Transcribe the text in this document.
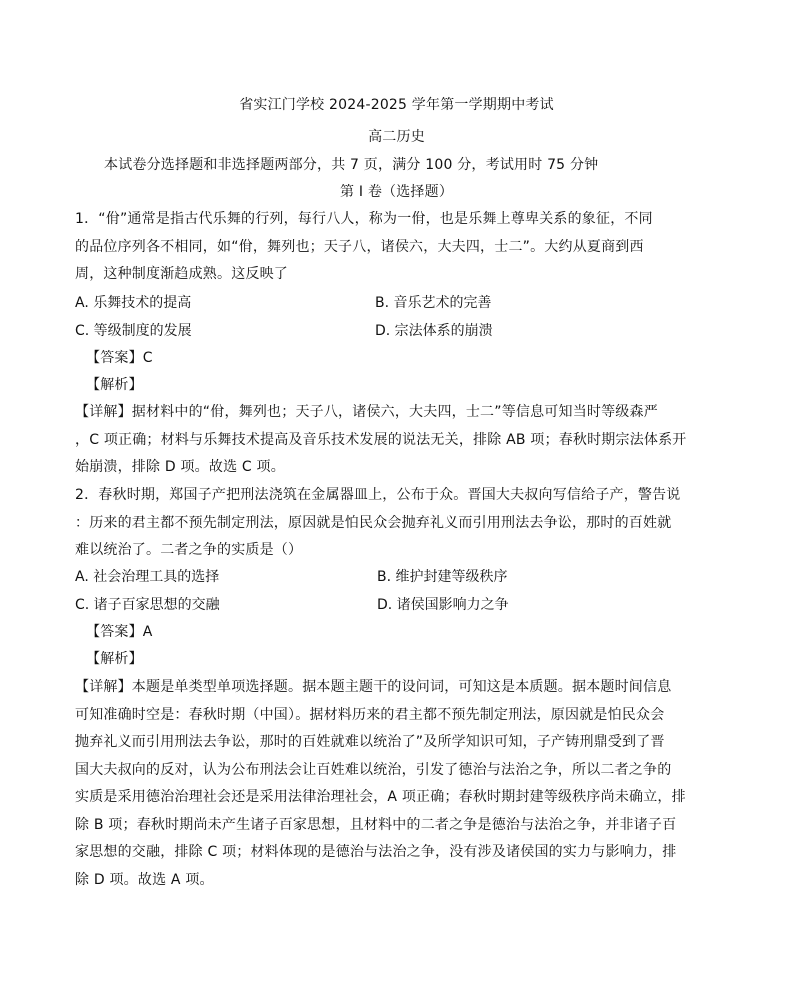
省实江门学校 2024-2025 学年第一学期期中考试
高二历史
本试卷分选择题和非选择题两部分，共 7 页，满分 100 分，考试用时 75 分钟
第 I 卷（选择题）
1．“佾”通常是指古代乐舞的行列，每行八人，称为一佾，也是乐舞上尊卑关系的象征，不同
的品位序列各不相同，如“佾，舞列也；天子八，诸侯六，大夫四，士二”。大约从夏商到西
周，这种制度渐趋成熟。这反映了
A. 乐舞技术的提高	B. 音乐艺术的完善
C. 等级制度的发展	D. 宗法体系的崩溃
【答案】C
【解析】
【详解】据材料中的“佾，舞列也；天子八，诸侯六，大夫四，士二”等信息可知当时等级森严
，C 项正确；材料与乐舞技术提高及音乐技术发展的说法无关，排除 AB 项；春秋时期宗法体系开
始崩溃，排除 D 项。故选 C 项。
2．春秋时期，郑国子产把刑法浇筑在金属器皿上，公布于众。晋国大夫叔向写信给子产，警告说
：历来的君主都不预先制定刑法，原因就是怕民众会抛弃礼义而引用刑法去争讼，那时的百姓就
难以统治了。二者之争的实质是（）
A. 社会治理工具的选择	B. 维护封建等级秩序
C. 诸子百家思想的交融	D. 诸侯国影响力之争
【答案】A
【解析】
【详解】本题是单类型单项选择题。据本题主题干的设问词，可知这是本质题。据本题时间信息
可知准确时空是：春秋时期（中国）。据材料历来的君主都不预先制定刑法，原因就是怕民众会
抛弃礼义而引用刑法去争讼，那时的百姓就难以统治了”及所学知识可知，子产铸刑鼎受到了晋
国大夫叔向的反对，认为公布刑法会让百姓难以统治，引发了德治与法治之争，所以二者之争的
实质是采用德治治理社会还是采用法律治理社会，A 项正确；春秋时期封建等级秩序尚未确立，排
除 B 项；春秋时期尚未产生诸子百家思想，且材料中的二者之争是德治与法治之争，并非诸子百
家思想的交融，排除 C 项；材料体现的是德治与法治之争，没有涉及诸侯国的实力与影响力，排
除 D 项。故选 A 项。
